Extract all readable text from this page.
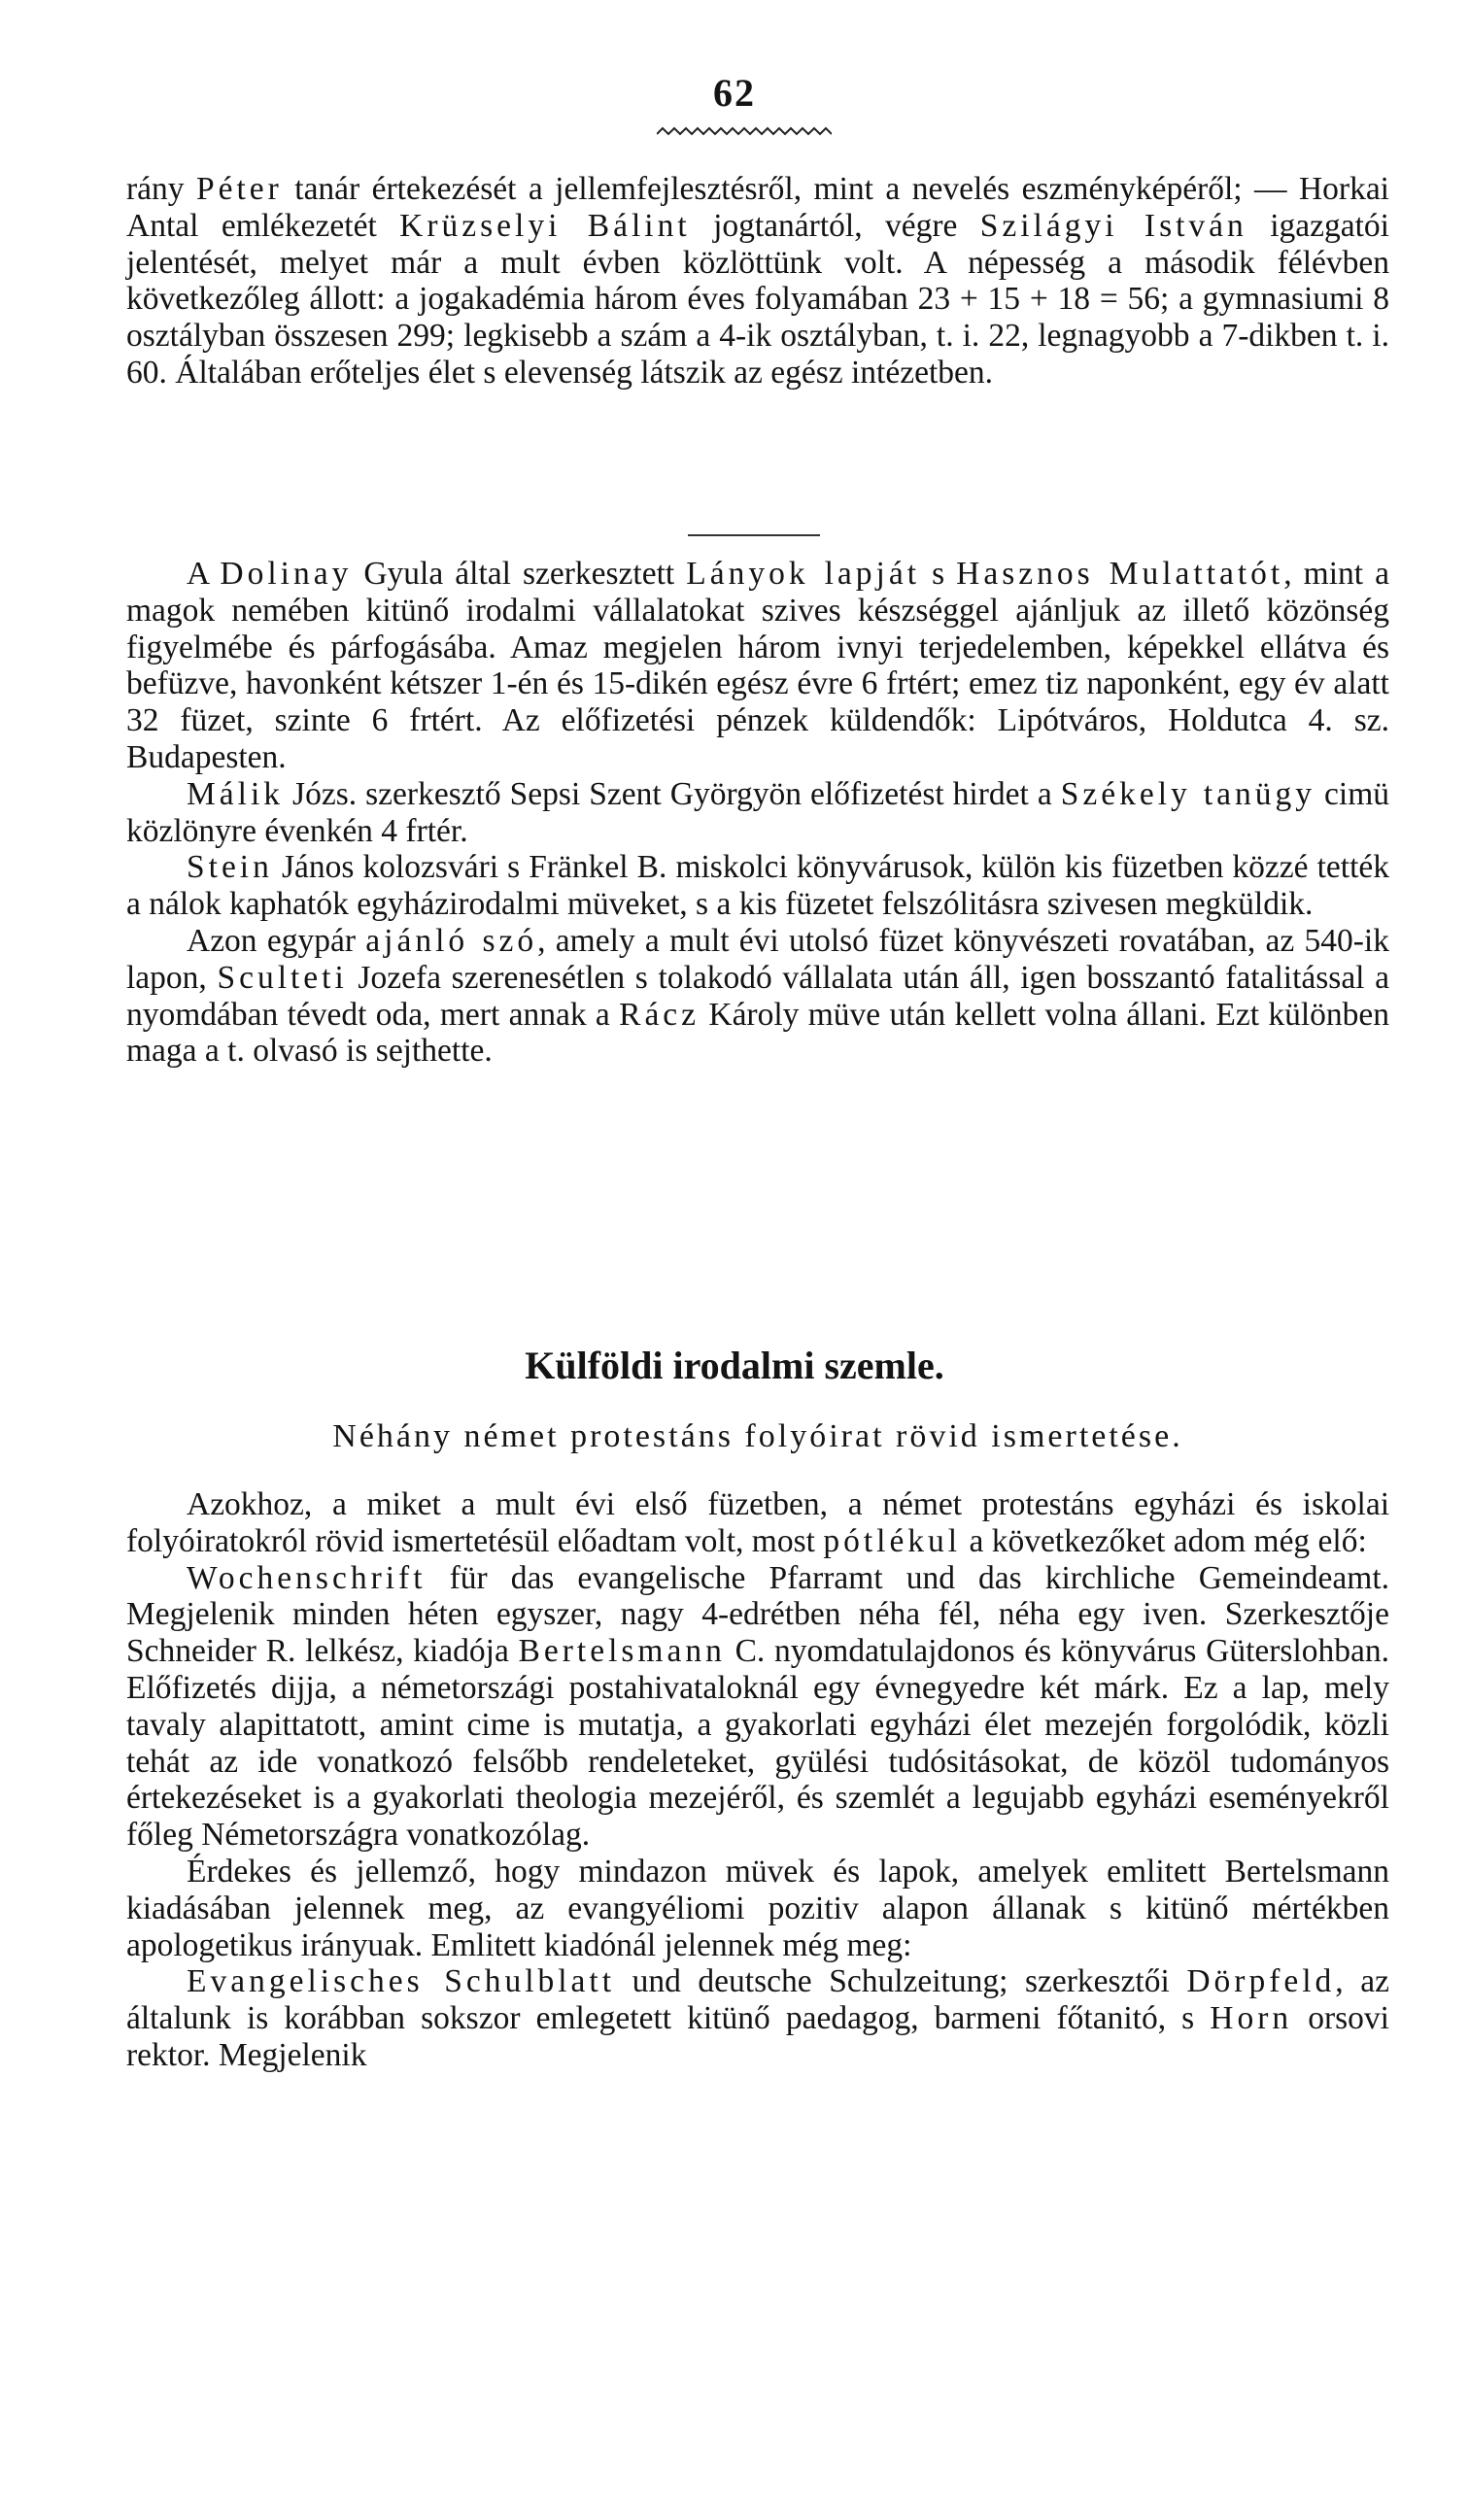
62

rány Péter tanár értekezését a jellemfejlesztésről, mint a nevelés eszményképéről; — Horkai Antal emlékezetét Krüzselyi Bálint jogtanártól, végre Szilágyi István igazgatói jelentését, melyet már a mult évben közlöttünk volt. A népesség a második félévben következőleg állott: a jogakadémia három éves folyamában 23 + 15 + 18 = 56; a gymnasiumi 8 osztályban összesen 299; legkisebb a szám a 4-ik osztályban, t. i. 22, legnagyobb a 7-dikben t. i. 60. Általában erőteljes élet s elevenség látszik az egész intézetben.

A Dolinay Gyula által szerkesztett Lányok lapját s Hasznos Mulattatót, mint a magok nemében kitünő irodalmi vállalatokat szives készséggel ajánljuk az illető közönség figyelmébe és párfogásába. Amaz megjelen három ivnyi terjedelemben, képekkel ellátva és befüzve, havonként kétszer 1-én és 15-dikén egész évre 6 frtért; emez tiz naponként, egy év alatt 32 füzet, szinte 6 frtért. Az előfizetési pénzek küldendők: Lipótváros, Holdutca 4. sz. Budapesten.

Málik Józs. szerkesztő Sepsi Szent Györgyön előfizetést hirdet a Székely tanügy cimü közlönyre évenkén 4 frtér.

Stein János kolozsvári s Fränkel B. miskolci könyvárusok, külön kis füzetben közzé tették a nálok kaphatók egyházirodalmi müveket, s a kis füzetet felszólitásra szivesen megküldik.

Azon egypár ajánló szó, amely a mult évi utolsó füzet könyvészeti rovatában, az 540-ik lapon, Sculteti Jozefa szerenesétlen s tolakodó vállalata után áll, igen bosszantó fatalitással a nyomdában tévedt oda, mert annak a Rácz Károly müve után kellett volna állani. Ezt különben maga a t. olvasó is sejthette.

Külföldi irodalmi szemle.
Néhány német protestáns folyóirat rövid ismertetése.

Azokhoz, a miket a mult évi első füzetben, a német protestáns egyházi és iskolai folyóiratokról rövid ismertetésül előadtam volt, most pótlékul a következőket adom még elő:

Wochenschrift für das evangelische Pfarramt und das kirchliche Gemeindeamt. Megjelenik minden héten egyszer, nagy 4-edrétben néha fél, néha egy iven. Szerkesztője Schneider R. lelkész, kiadója Bertelsmann C. nyomdatulajdonos és könyvárus Güterslohban. Előfizetés dijja, a németországi postahivataloknál egy évnegyedre két márk. Ez a lap, mely tavaly alapittatott, amint cime is mutatja, a gyakorlati egyházi élet mezején forgolódik, közli tehát az ide vonatkozó felsőbb rendeleteket, gyülési tudósitásokat, de közöl tudományos értekezéseket is a gyakorlati theologia mezejéről, és szemlét a legujabb egyházi eseményekről főleg Németországra vonatkozólag.

Érdekes és jellemző, hogy mindazon müvek és lapok, amelyek emlitett Bertelsmann kiadásában jelennek meg, az evangyéliomi pozitiv alapon állanak s kitünő mértékben apologetikus irányuak. Emlitett kiadónál jelennek még meg:

Evangelisches Schulblatt und deutsche Schulzeitung; szerkesztői Dörpfeld, az általunk is korábban sokszor emlegetett kitünő paedagog, barmeni főtanitó, s Horn orsovi rektor. Megjelenik
